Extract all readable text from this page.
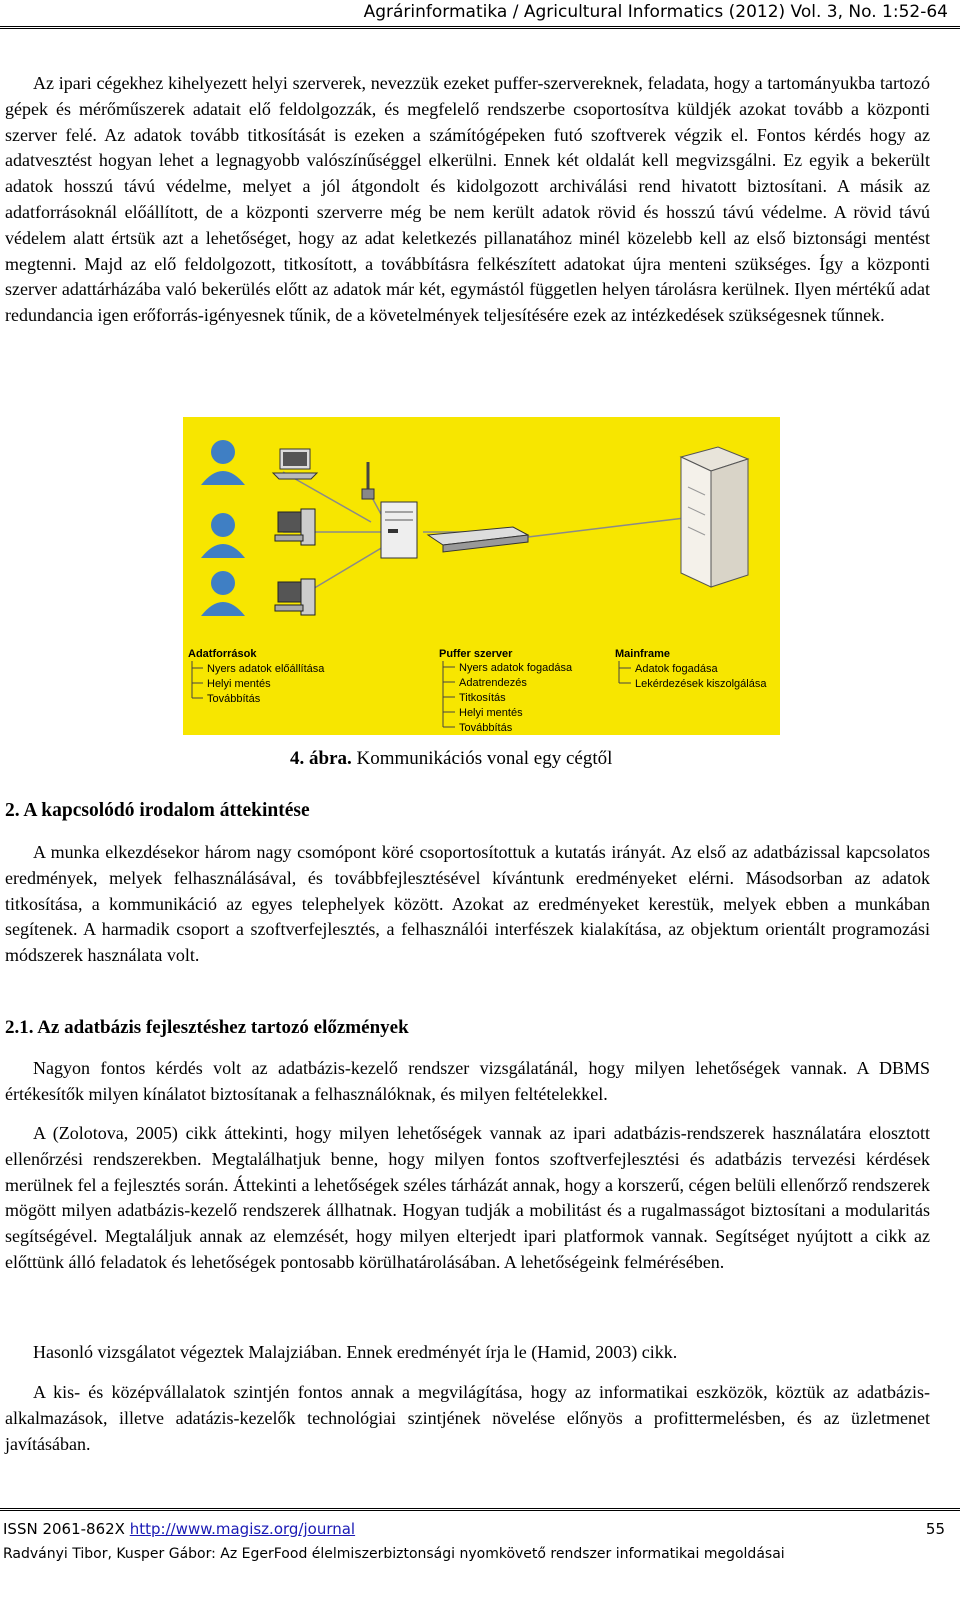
Agrárinformatika / Agricultural Informatics (2012) Vol. 3, No. 1:52-64

Az ipari cégekhez kihelyezett helyi szerverek, nevezzük ezeket puffer-szervereknek, feladata, hogy a tartományukba tartozó gépek és mérőműszerek adatait elő feldolgozzák, és megfelelő rendszerbe csoportosítva küldjék azokat tovább a központi szerver felé. Az adatok tovább titkosítását is ezeken a számítógépeken futó szoftverek végzik el. Fontos kérdés hogy az adatvesztést hogyan lehet a legnagyobb valószínűséggel elkerülni. Ennek két oldalát kell megvizsgálni. Ez egyik a bekerült adatok hosszú távú védelme, melyet a jól átgondolt és kidolgozott archiválási rend hivatott biztosítani. A másik az adatforrásoknál előállított, de a központi szerverre még be nem került adatok rövid és hosszú távú védelme. A rövid távú védelem alatt értsük azt a lehetőséget, hogy az adat keletkezés pillanatához minél közelebb kell az első biztonsági mentést megtenni. Majd az elő feldolgozott, titkosított, a továbbításra felkészített adatokat újra menteni szükséges. Így a központi szerver adattárházába való bekerülés előtt az adatok már két, egymástól független helyen tárolásra kerülnek. Ilyen mértékű adat redundancia igen erőforrás-igényesnek tűnik, de a követelmények teljesítésére ezek az intézkedések szükségesnek tűnnek.

Adatforrások
Nyers adatok előállítása
Helyi mentés
Továbbítás
Puffer szerver
Nyers adatok fogadása
Adatrendezés
Titkosítás
Helyi mentés
Továbbítás
Mainframe
Adatok fogadása
Lekérdezések kiszolgálása
4. ábra. Kommunikációs vonal egy cégtől
2. A kapcsolódó irodalom áttekintése

A munka elkezdésekor három nagy csomópont köré csoportosítottuk a kutatás irányát. Az első az adatbázissal kapcsolatos eredmények, melyek felhasználásával, és továbbfejlesztésével kívántunk eredményeket elérni. Másodsorban az adatok titkosítása, a kommunikáció az egyes telephelyek között. Azokat az eredményeket kerestük, melyek ebben a munkában segítenek. A harmadik csoport a szoftverfejlesztés, a felhasználói interfészek kialakítása, az objektum orientált programozási módszerek használata volt.

2.1. Az adatbázis fejlesztéshez tartozó előzmények

Nagyon fontos kérdés volt az adatbázis-kezelő rendszer vizsgálatánál, hogy milyen lehetőségek vannak. A DBMS értékesítők milyen kínálatot biztosítanak a felhasználóknak, és milyen feltételekkel.

A (Zolotova, 2005) cikk áttekinti, hogy milyen lehetőségek vannak az ipari adatbázis-rendszerek használatára elosztott ellenőrzési rendszerekben. Megtalálhatjuk benne, hogy milyen fontos szoftverfejlesztési és adatbázis tervezési kérdések merülnek fel a fejlesztés során. Áttekinti a lehetőségek széles tárházát annak, hogy a korszerű, cégen belüli ellenőrző rendszerek mögött milyen adatbázis-kezelő rendszerek állhatnak. Hogyan tudják a mobilitást és a rugalmasságot biztosítani a modularitás segítségével. Megtaláljuk annak az elemzését, hogy milyen elterjedt ipari platformok vannak. Segítséget nyújtott a cikk az előttünk álló feladatok és lehetőségek pontosabb körülhatárolásában. A lehetőségeink felmérésében.

Hasonló vizsgálatot végeztek Malajziában. Ennek eredményét írja le (Hamid, 2003) cikk.

A kis- és középvállalatok szintjén fontos annak a megvilágítása, hogy az informatikai eszközök, köztük az adatbázis-alkalmazások, illetve adatázis-kezelők technológiai szintjének növelése előnyös a profittermelésben, és az üzletmenet javításában.

ISSN 2061-862X http://www.magisz.org/journal	55
Radványi Tibor, Kusper Gábor: Az EgerFood élelmiszerbiztonsági nyomkövető rendszer informatikai megoldásai
